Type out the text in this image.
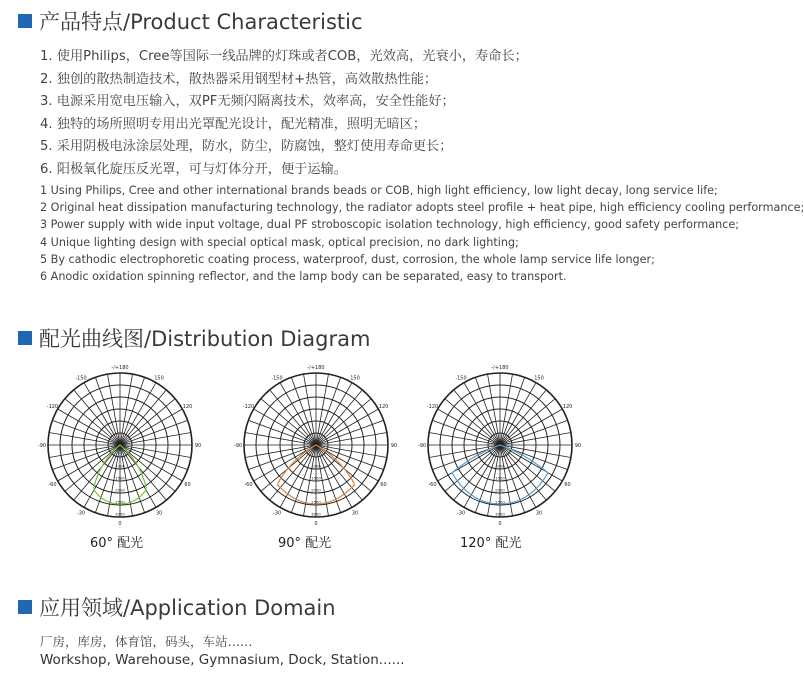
产品特点/Product Characteristic
1. 使用Philips，Cree等国际一线品牌的灯珠或者COB，光效高，光衰小，寿命长；
2. 独创的散热制造技术，散热器采用钢型材+热管，高效散热性能；
3. 电源采用宽电压输入，双PF无频闪隔离技术，效率高，安全性能好；
4. 独特的场所照明专用出光罩配光设计，配光精准，照明无暗区；
5. 采用阴极电泳涂层处理，防水，防尘，防腐蚀，整灯使用寿命更长；
6. 阳极氧化旋压反光罩，可与灯体分开，便于运输。
1 Using Philips, Cree and other international brands beads or COB, high light efficiency, low light decay, long service life;
2 Original heat dissipation manufacturing technology, the radiator adopts steel profile + heat pipe, high efficiency cooling performance;
3 Power supply with wide input voltage, dual PF stroboscopic isolation technology, high efficiency, good safety performance;
4 Unique lighting design with special optical mask, optical precision, no dark lighting;
5 By cathodic electrophoretic coating process, waterproof, dust, corrosion, the whole lamp service life longer;
6 Anodic oxidation spinning reflector, and the lamp body can be separated, easy to transport.
配光曲线图/Distribution Diagram
-/+180
-150	150
-120	120
-90	90
-60	60
-30	30
0
1000
1500
2000
2500
3000
-/+180
-150	150
-120	120
-90	90
-60	60
-30	30
0
1000
1500
2000
2500
3000
-/+180
-150	150
-120	120
-90	90
-60	60
-30	30
0
1000
1500
2000
2500
3000
60° 配光	90° 配光	120° 配光
应用领域/Application Domain
厂房，库房，体育馆，码头，车站……
Workshop, Warehouse, Gymnasium, Dock, Station......
